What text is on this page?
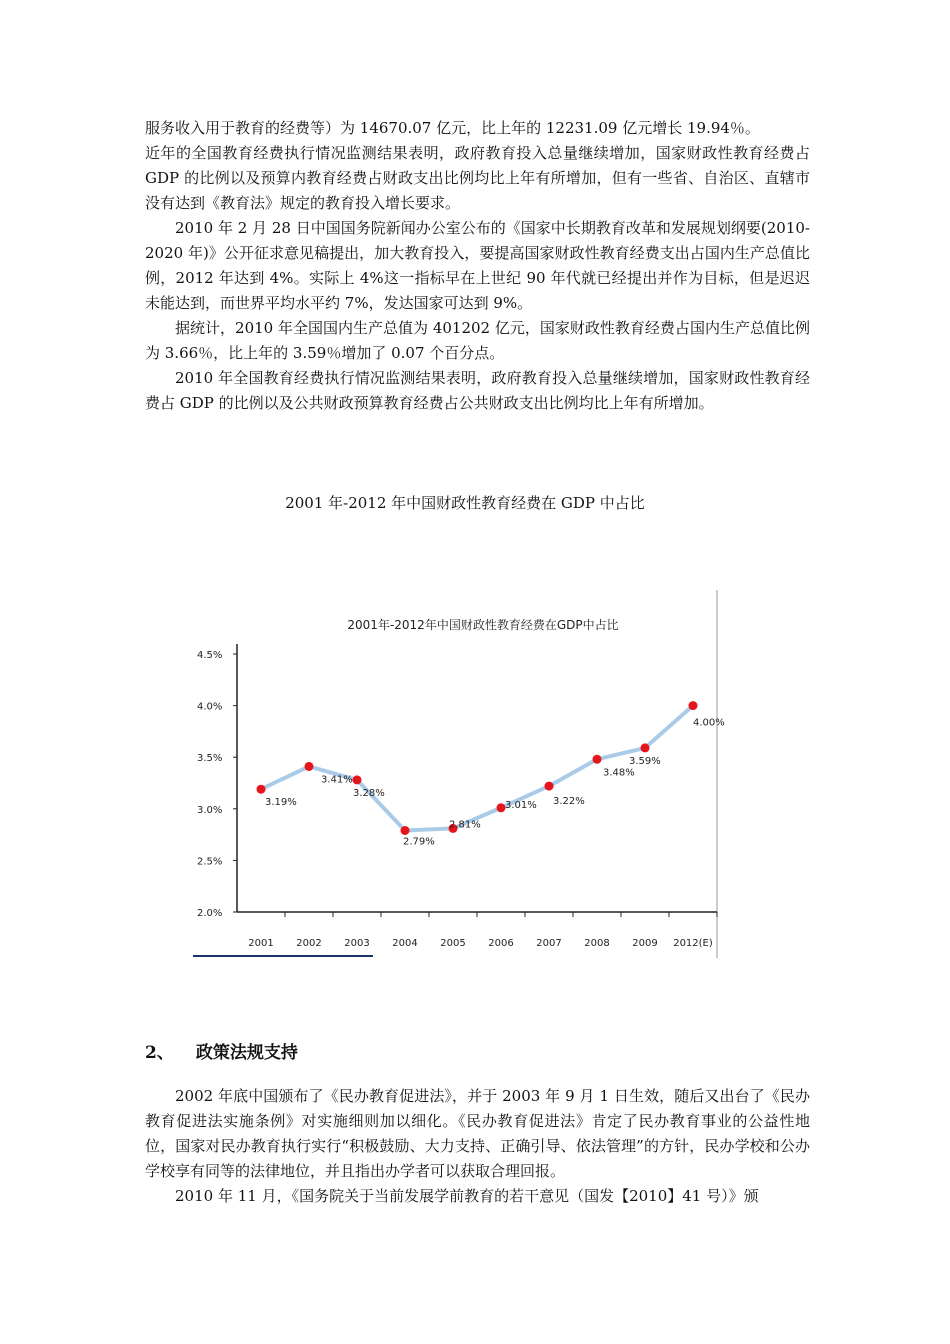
服务收入用于教育的经费等）为 14670.07 亿元，比上年的 12231.09 亿元增长 19.94％。

近年的全国教育经费执行情况监测结果表明，政府教育投入总量继续增加，国家财政性教育经费占 GDP 的比例以及预算内教育经费占财政支出比例均比上年有所增加，但有一些省、自治区、直辖市没有达到《教育法》规定的教育投入增长要求。

2010 年 2 月 28 日中国国务院新闻办公室公布的《国家中长期教育改革和发展规划纲要(2010-2020 年)》公开征求意见稿提出，加大教育投入，要提高国家财政性教育经费支出占国内生产总值比例，2012 年达到 4%。实际上 4%这一指标早在上世纪 90 年代就已经提出并作为目标，但是迟迟未能达到，而世界平均水平约 7%，发达国家可达到 9%。

据统计，2010 年全国国内生产总值为 401202 亿元，国家财政性教育经费占国内生产总值比例为 3.66％，比上年的 3.59％增加了 0.07 个百分点。

2010 年全国教育经费执行情况监测结果表明，政府教育投入总量继续增加，国家财政性教育经费占 GDP 的比例以及公共财政预算教育经费占公共财政支出比例均比上年有所增加。

2001 年-2012 年中国财政性教育经费在 GDP 中占比

2001年-2012年中国财政性教育经费在GDP中占比
2.0%
2.5%
3.0%
3.5%
4.0%
4.5%
2001 2002 2003 2004 2005 2006 2007 2008 2009 2012(E)
3.19%
3.41%
3.28%
2.79%
2.81%
3.01% 3.22%
3.48%
3.59%
4.00%
2、 政策法规支持

2002 年底中国颁布了《民办教育促进法》，并于 2003 年 9 月 1 日生效，随后又出台了《民办教育促进法实施条例》对实施细则加以细化。《民办教育促进法》肯定了民办教育事业的公益性地位，国家对民办教育执行实行“积极鼓励、大力支持、正确引导、依法管理”的方针，民办学校和公办学校享有同等的法律地位，并且指出办学者可以获取合理回报。

2010 年 11 月，《国务院关于当前发展学前教育的若干意见（国发【2010】41 号）》颁
